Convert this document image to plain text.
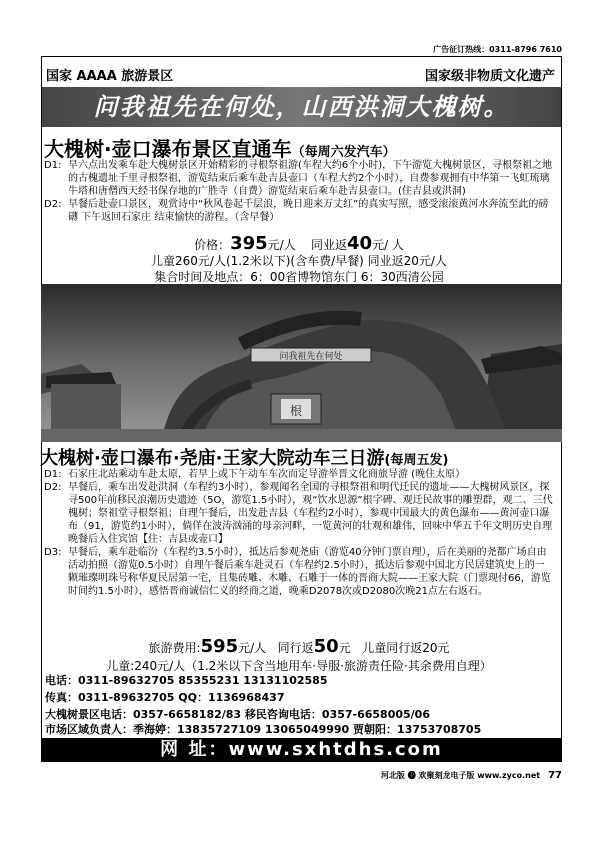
广告征订热线：0311-8796 7610
国家 AAAA 旅游景区	国家级非物质文化遗产
问我祖先在何处，山西洪洞大槐树。
大槐树·壶口瀑布景区直通车（每周六发汽车）
D1: 早六点出发乘车赴大槐树景区开始精彩的寻根祭祖游(车程大约6个小时)，下午游览大槐树景区，寻根祭祖之地的古槐遗址千里寻根祭祖，游览结束后乘车赴吉县壶口（车程大约2个小时），自费参观拥有中华第一飞虹琉璃牛塔和唐僧西天经书保存地的广胜寺（自费）游览结束后乘车赴吉县壶口。(住吉县或洪洞)
D2: 早餐后赴壶口景区，观赏诗中“秋风卷起千层浪，晚日迎来万丈红”的真实写照，感受滚滚黄河水奔流至此的磅礴 下午返回石家庄 结束愉快的游程。（含早餐）
价格：395元/人 同业返40元/ 人
儿童260元/人(1.2米以下)(含车费/早餐) 同业返20元/人
集合时间及地点：6：00省博物馆东门 6：30西清公园
问我祖先在何处
根
大槐树·壶口瀑布·尧庙·王家大院动车三日游(每周五发)
D1: 石家庄北站乘动车赴太原，若早上或下午动车车次而定导游举晋文化商旅导游 (晚住太原）
D2: 早餐后，乘车出发赴洪洞（车程约3小时），参观闻名全国的寻根祭祖和明代迁民的遗址——大槐树风景区，探寻500年前移民浪潮历史遗迹（5O，游览1.5小时），观“饮水思源”根字碑、观迁民故事的雕塑群，观二、三代槐树；祭祖堂寻根祭祖；自理午餐后，出发赴吉县（车程约2小时），参观中国最大的黄色瀑布——黄河壶口瀑布（91，游览约1小时），倘佯在波涛汹涌的母亲河畔，一览黄河的壮观和雄伟，回味中华五千年文明历史自理晚餐后入住宾馆【住：吉县或壶口】
D3: 早餐后，乘车赴临汾（车程约3.5小时），抵达后参观尧庙（游览40分钟门票自理），后在美丽的尧都广场自由活动拍照（游览0.5小时）自理午餐后乘车赴灵石（车程约2.5小时），抵达后参观中国北方民居建筑史上的一颗璀璨明珠号称华夏民居第一宅，且集砖雕、木雕、石雕于一体的晋商大院——王家大院（门票现付66，游览时间约1.5小时），感悟晋商诚信仁义的经商之道，晚乘D2078次或D2080次晚21点左右返石。
旅游费用:595元/人 同行返50元 儿童同行返20元
儿童:240元/人（1.2米以下含当地用车·导服·旅游责任险·其余费用自理）
电话：0311-89632705 85355231 13131102585
传真：0311-89632705 QQ：1136968437
大槐树景区电话：0357-6658182/83 移民咨询电话：0357-6658005/06
市场区域负责人：季海婷：13835727109 13065049990 贾朝阳：13753708705
网 址：www.sxhtdhs.com
河北版 🅟 欢聚刻龙电子版 www.zyco.net 77
